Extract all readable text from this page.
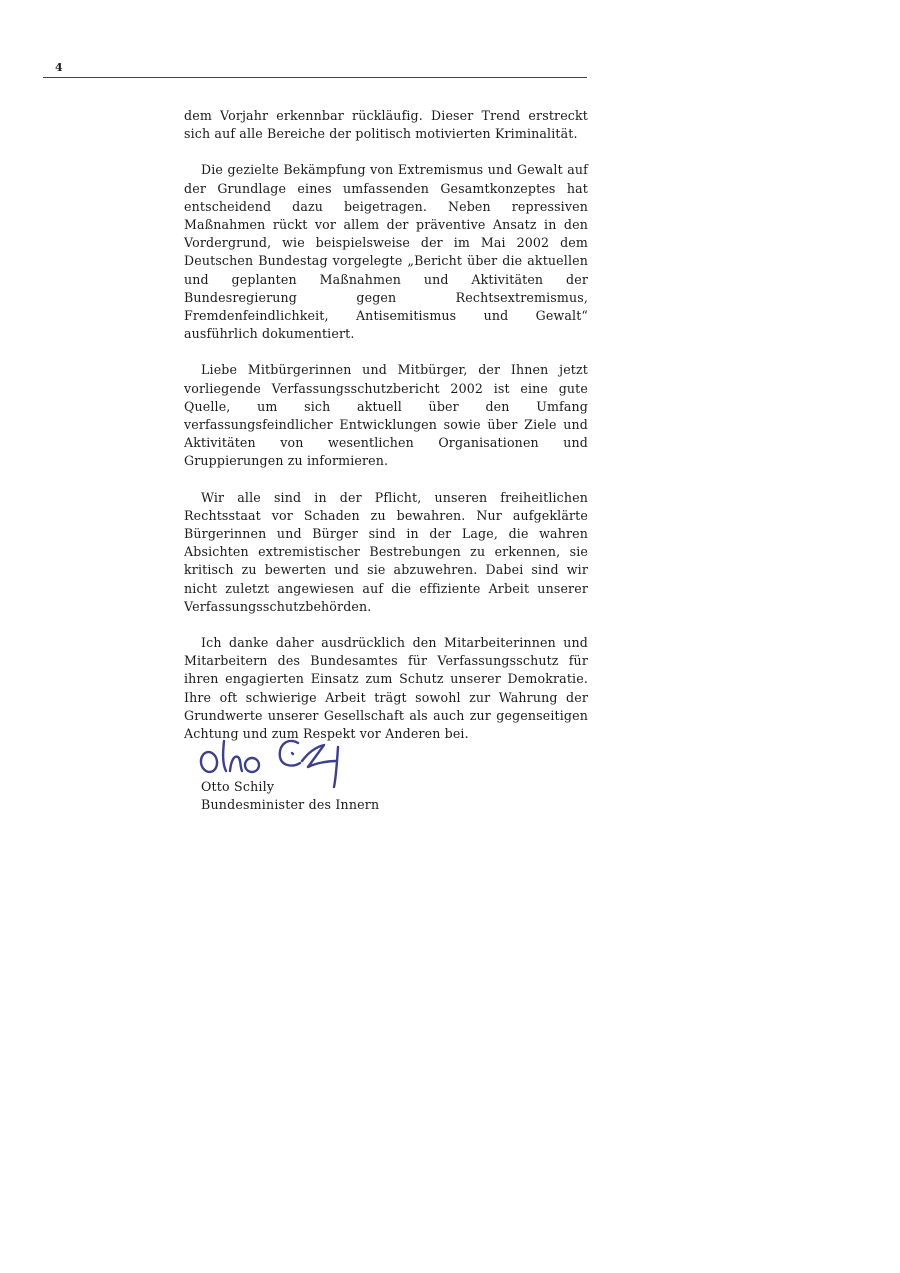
4

dem Vorjahr erkennbar rückläufig. Dieser Trend erstreckt sich auf alle Bereiche der politisch motivierten Kriminalität.

Die gezielte Bekämpfung von Extremismus und Gewalt auf der Grundlage eines umfassenden Gesamtkonzeptes hat entscheidend dazu beigetragen. Neben repressiven Maßnahmen rückt vor allem der präventive Ansatz in den Vordergrund, wie beispielsweise der im Mai 2002 dem Deutschen Bundestag vorgelegte „Bericht über die aktuellen und geplanten Maßnahmen und Aktivitäten der Bundesregierung gegen Rechtsextremismus, Fremdenfeindlichkeit, Antisemitismus und Gewalt“ ausführlich dokumentiert.

Liebe Mitbürgerinnen und Mitbürger, der Ihnen jetzt vorliegende Verfassungsschutzbericht 2002 ist eine gute Quelle, um sich aktuell über den Umfang verfassungsfeindlicher Entwicklungen sowie über Ziele und Aktivitäten von wesentlichen Organisationen und Gruppierungen zu informieren.

Wir alle sind in der Pflicht, unseren freiheitlichen Rechtsstaat vor Schaden zu bewahren. Nur aufgeklärte Bürgerinnen und Bürger sind in der Lage, die wahren Absichten extremistischer Bestrebungen zu erkennen, sie kritisch zu bewerten und sie abzuwehren. Dabei sind wir nicht zuletzt angewiesen auf die effiziente Arbeit unserer Verfassungsschutzbehörden.

Ich danke daher ausdrücklich den Mitarbeiterinnen und Mitarbeitern des Bundesamtes für Verfassungsschutz für ihren engagierten Einsatz zum Schutz unserer Demokratie. Ihre oft schwierige Arbeit trägt sowohl zur Wahrung der Grundwerte unserer Gesellschaft als auch zur gegenseitigen Achtung und zum Respekt vor Anderen bei.

Otto Schily
Bundesminister des Innern
